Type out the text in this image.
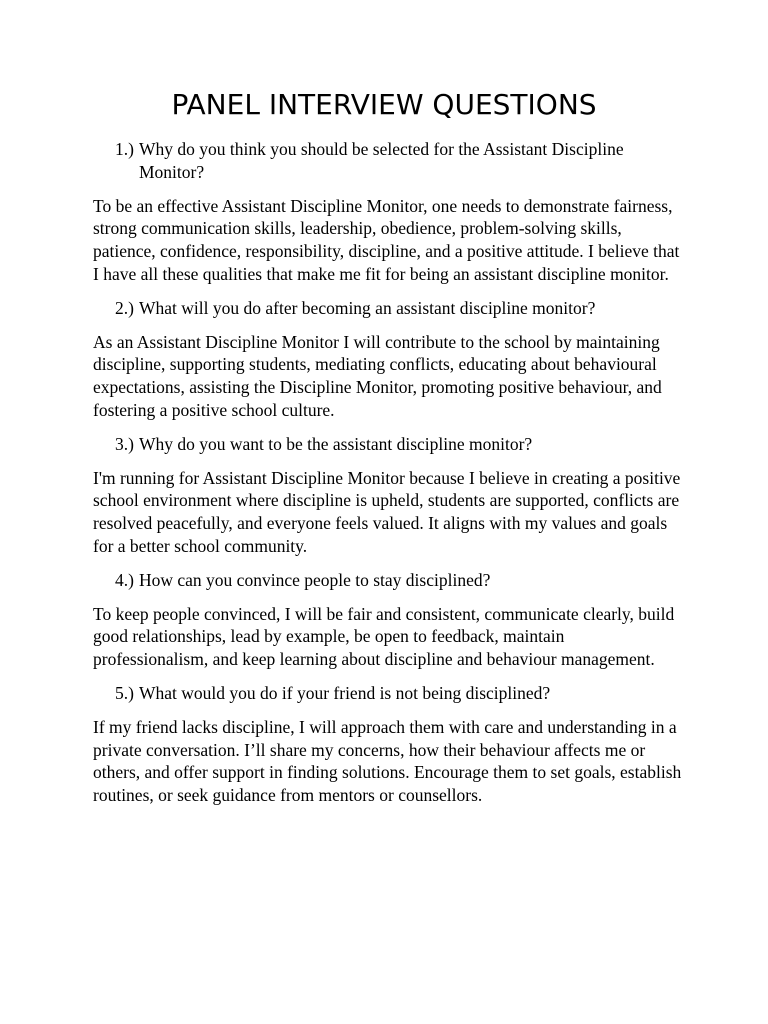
PANEL INTERVIEW QUESTIONS
1.) Why do you think you should be selected for the Assistant Discipline Monitor?

To be an effective Assistant Discipline Monitor, one needs to demonstrate fairness, strong communication skills, leadership, obedience, problem-solving skills, patience, confidence, responsibility, discipline, and a positive attitude. I believe that I have all these qualities that make me fit for being an assistant discipline monitor.

2.) What will you do after becoming an assistant discipline monitor?

As an Assistant Discipline Monitor I will contribute to the school by maintaining discipline, supporting students, mediating conflicts, educating about behavioural expectations, assisting the Discipline Monitor, promoting positive behaviour, and fostering a positive school culture.

3.) Why do you want to be the assistant discipline monitor?

I'm running for Assistant Discipline Monitor because I believe in creating a positive school environment where discipline is upheld, students are supported, conflicts are resolved peacefully, and everyone feels valued. It aligns with my values and goals for a better school community.

4.) How can you convince people to stay disciplined?

To keep people convinced, I will be fair and consistent, communicate clearly, build good relationships, lead by example, be open to feedback, maintain professionalism, and keep learning about discipline and behaviour management.

5.) What would you do if your friend is not being disciplined?

If my friend lacks discipline, I will approach them with care and understanding in a private conversation. I’ll share my concerns, how their behaviour affects me or others, and offer support in finding solutions. Encourage them to set goals, establish routines, or seek guidance from mentors or counsellors.
